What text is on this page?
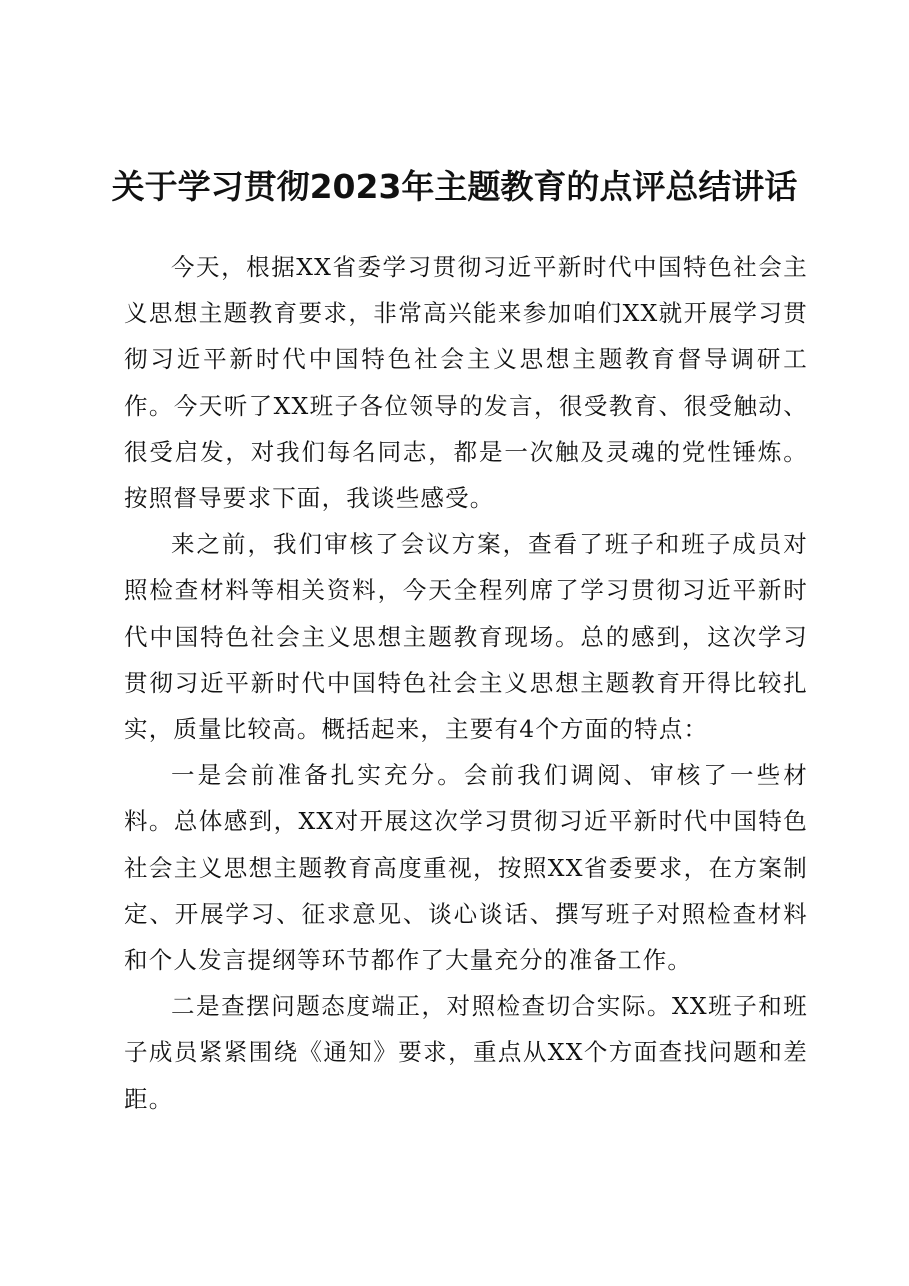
关于学习贯彻2023年主题教育的点评总结讲话

今天，根据XX省委学习贯彻习近平新时代中国特色社会主义思想主题教育要求，非常高兴能来参加咱们XX就开展学习贯彻习近平新时代中国特色社会主义思想主题教育督导调研工作。今天听了XX班子各位领导的发言，很受教育、很受触动、很受启发，对我们每名同志，都是一次触及灵魂的党性锤炼。按照督导要求下面，我谈些感受。

来之前，我们审核了会议方案，查看了班子和班子成员对照检查材料等相关资料，今天全程列席了学习贯彻习近平新时代中国特色社会主义思想主题教育现场。总的感到，这次学习贯彻习近平新时代中国特色社会主义思想主题教育开得比较扎实，质量比较高。概括起来，主要有4个方面的特点：

一是会前准备扎实充分。会前我们调阅、审核了一些材料。总体感到，XX对开展这次学习贯彻习近平新时代中国特色社会主义思想主题教育高度重视，按照XX省委要求，在方案制定、开展学习、征求意见、谈心谈话、撰写班子对照检查材料和个人发言提纲等环节都作了大量充分的准备工作。

二是查摆问题态度端正，对照检查切合实际。XX班子和班子成员紧紧围绕《通知》要求，重点从XX个方面查找问题和差距。
